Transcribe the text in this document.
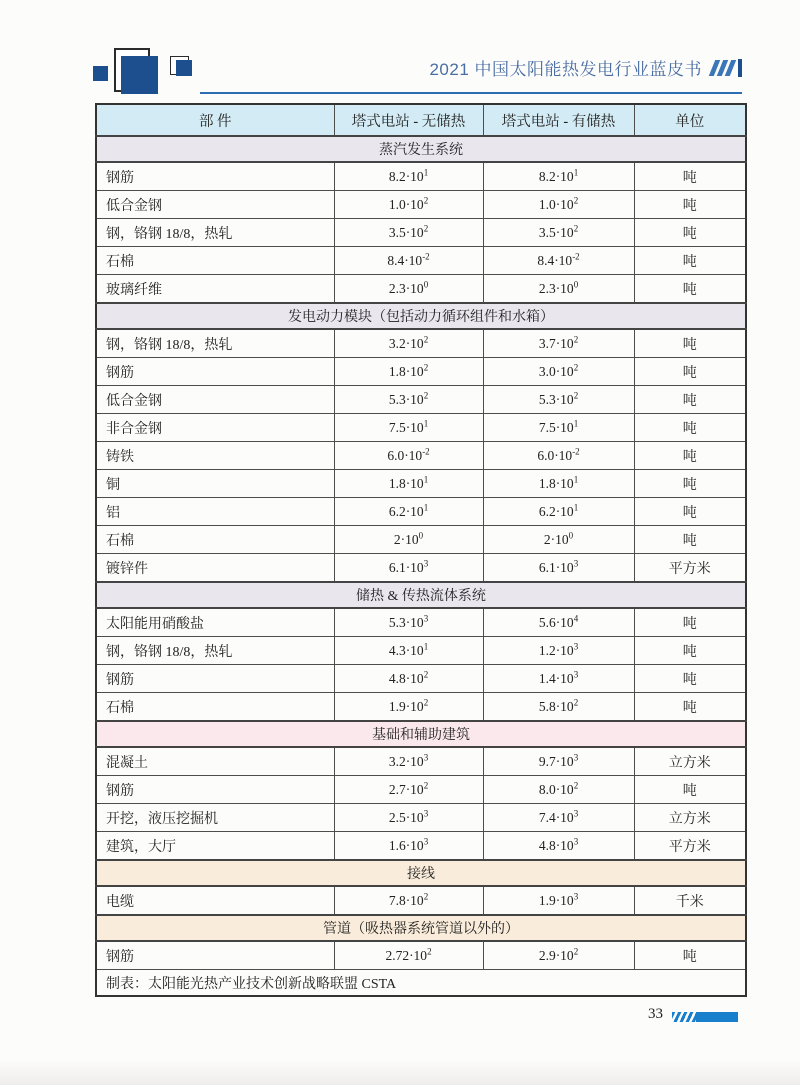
2021 中国太阳能热发电行业蓝皮书
部 件	塔式电站 - 无储热	塔式电站 - 有储热	单位
蒸汽发生系统			
钢筋	$8.2\cdot 10^1$	$8.2\cdot 10^1$	吨
低合金钢	$1.0\cdot 10^2$	$1.0\cdot 10^2$	吨
钢，铬钢 18/8，热轧	$3.5\cdot 10^2$	$3.5\cdot 10^2$	吨
石棉	$8.4\cdot 10^{-2}$	$8.4\cdot 10^{-2}$	吨
玻璃纤维	$2.3\cdot 10^0$	$2.3\cdot 10^0$	吨
发电动力模块（包括动力循环组件和水箱）			
钢，铬钢 18/8，热轧	$3.2\cdot 10^2$	$3.7\cdot 10^2$	吨
钢筋	$1.8\cdot 10^2$	$3.0\cdot 10^2$	吨
低合金钢	$5.3\cdot 10^2$	$5.3\cdot 10^2$	吨
非合金钢	$7.5\cdot 10^1$	$7.5\cdot 10^1$	吨
铸铁	$6.0\cdot 10^{-2}$	$6.0\cdot 10^{-2}$	吨
铜	$1.8\cdot 10^1$	$1.8\cdot 10^1$	吨
铝	$6.2\cdot 10^1$	$6.2\cdot 10^1$	吨
石棉	$2\cdot 10^0$	$2\cdot 10^0$	吨
镀锌件	$6.1\cdot 10^3$	$6.1\cdot 10^3$	平方米
储热 & 传热流体系统			
太阳能用硝酸盐	$5.3\cdot 10^3$	$5.6\cdot 10^4$	吨
钢，铬钢 18/8，热轧	$4.3\cdot 10^1$	$1.2\cdot 10^3$	吨
钢筋	$4.8\cdot 10^2$	$1.4\cdot 10^3$	吨
石棉	$1.9\cdot 10^2$	$5.8\cdot 10^2$	吨
基础和辅助建筑			
混凝土	$3.2\cdot 10^3$	$9.7\cdot 10^3$	立方米
钢筋	$2.7\cdot 10^2$	$8.0\cdot 10^2$	吨
开挖，液压挖掘机	$2.5\cdot 10^3$	$7.4\cdot 10^3$	立方米
建筑，大厅	$1.6\cdot 10^3$	$4.8\cdot 10^3$	平方米
接线			
电缆	$7.8\cdot 10^2$	$1.9\cdot 10^3$	千米
管道（吸热器系统管道以外的）			
钢筋	$2.72\cdot 10^2$	$2.9\cdot 10^2$	吨
制表：太阳能光热产业技术创新战略联盟 CSTA			
33
